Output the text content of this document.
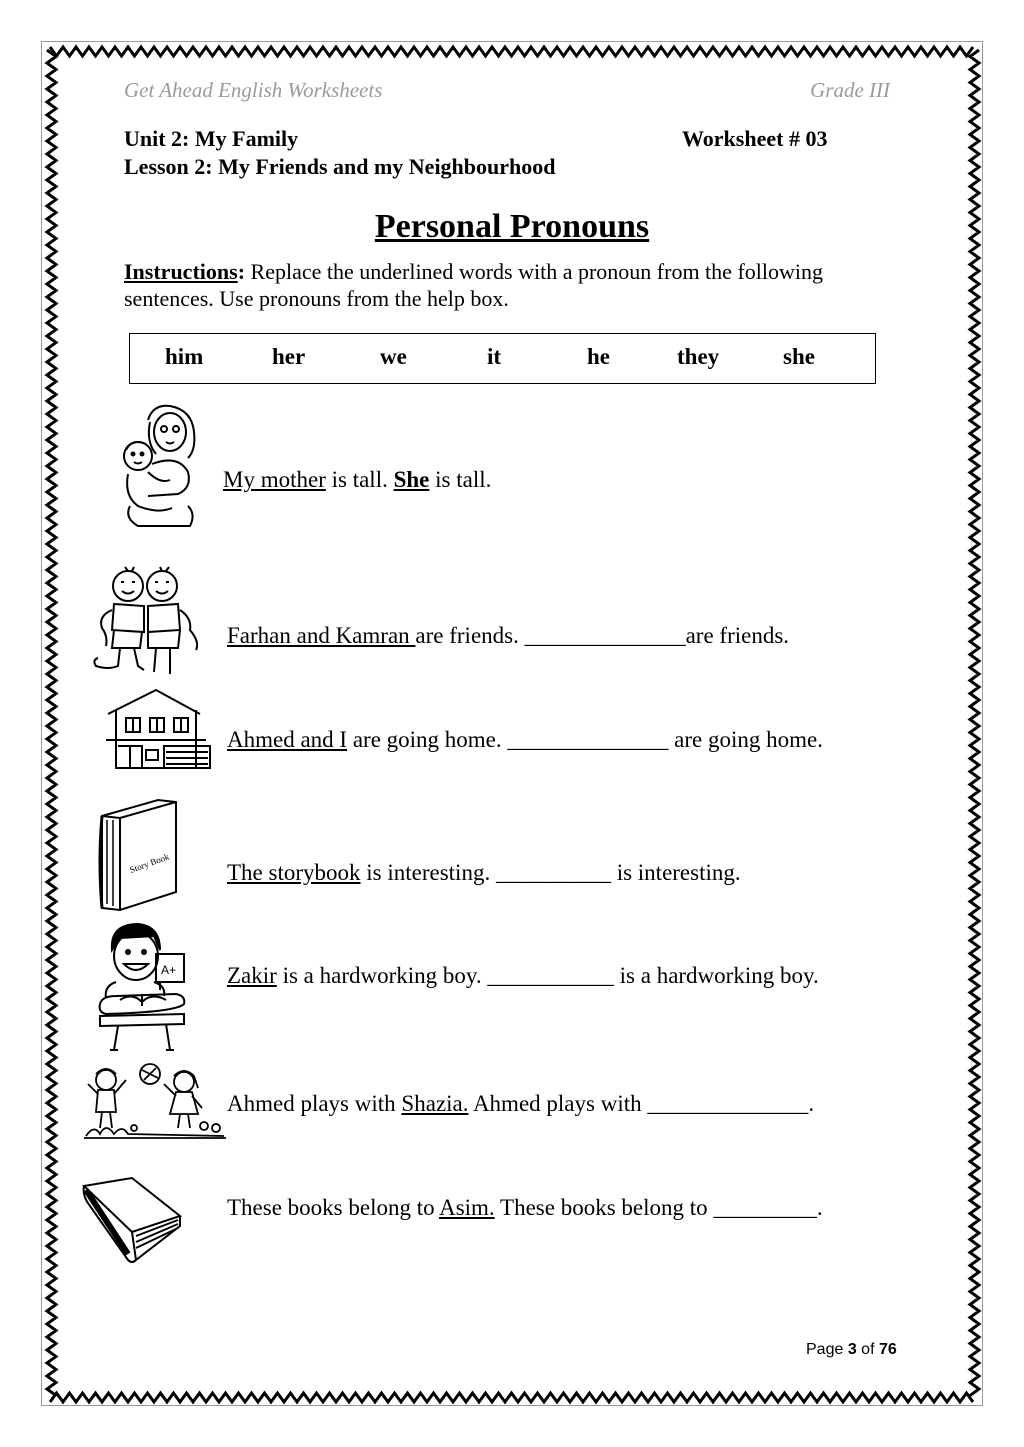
Get Ahead English Worksheets	Grade III
Unit 2: My Family	Worksheet # 03
Lesson 2: My Friends and my Neighbourhood
Personal Pronouns
Instructions: Replace the underlined words with a pronoun from the following sentences. Use pronouns from the help box.
him	her	we	it	he	they	she
My mother is tall. She is tall.
Farhan and Kamran are friends. ______________are friends.
Ahmed and I are going home. ______________ are going home.
Story Book The storybook is interesting. __________ is interesting.
A+ Zakir is a hardworking boy. ___________ is a hardworking boy.
Ahmed plays with Shazia. Ahmed plays with ______________.
These books belong to Asim. These books belong to _________.
Page 3 of 76
